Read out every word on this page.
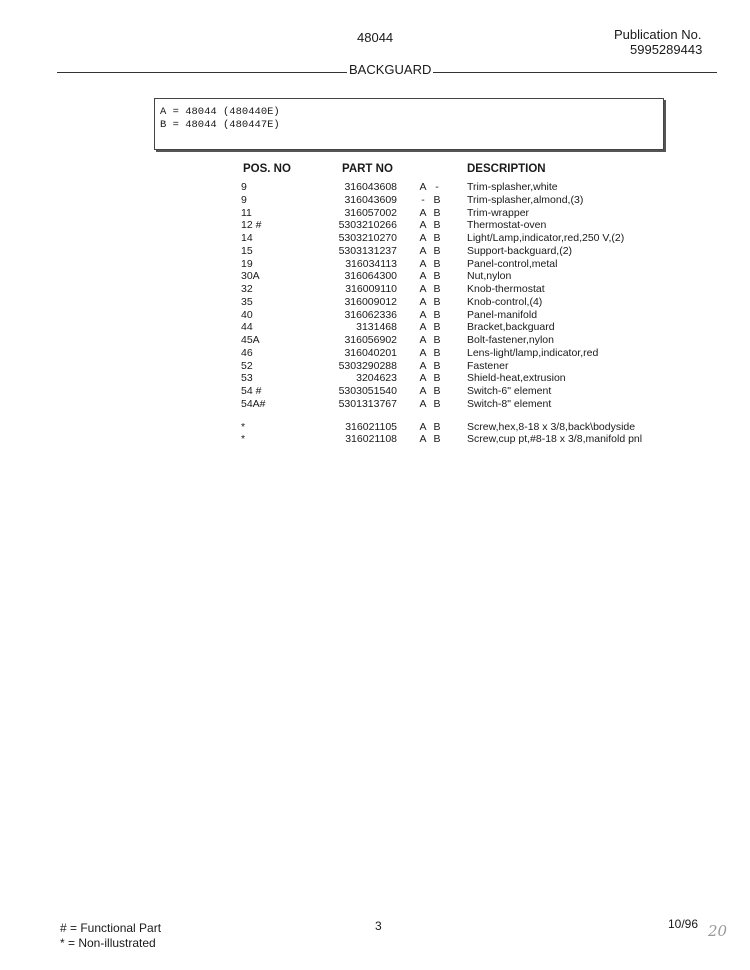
48044	Publication No.
5995289443
BACKGUARD
A = 48044 (480440E)
B = 48044 (480447E)
POS. NO	PART NO	DESCRIPTION
9	316043608 A -	Trim-splasher,white
9	316043609	- B	Trim-splasher,almond,(3)
11	316057002 A B	Trim-wrapper
12 #	5303210266 A B	Thermostat-oven
14	5303210270 A B	Light/Lamp,indicator,red,250 V,(2)
15	5303131237 A B	Support-backguard,(2)
19	316034113 A B	Panel-control,metal
30A	316064300 A B	Nut,nylon
32	316009110 A B	Knob-thermostat
35	316009012 A B	Knob-control,(4)
40	316062336 A B	Panel-manifold
44	3131468 A B	Bracket,backguard
45A	316056902 A B	Bolt-fastener,nylon
46	316040201 A B	Lens-light/lamp,indicator,red
52	5303290288 A B	Fastener
53	3204623 A B	Shield-heat,extrusion
54 #	5303051540 A B	Switch-6" element
54A#	5301313767 A B	Switch-8" element
*	316021105 A B	Screw,hex,8-18 x 3/8,back\bodyside
*	316021108 A B	Screw,cup pt,#8-18 x 3/8,manifold pnl
# = Functional Part
* = Non-illustrated
3	10/96 20
